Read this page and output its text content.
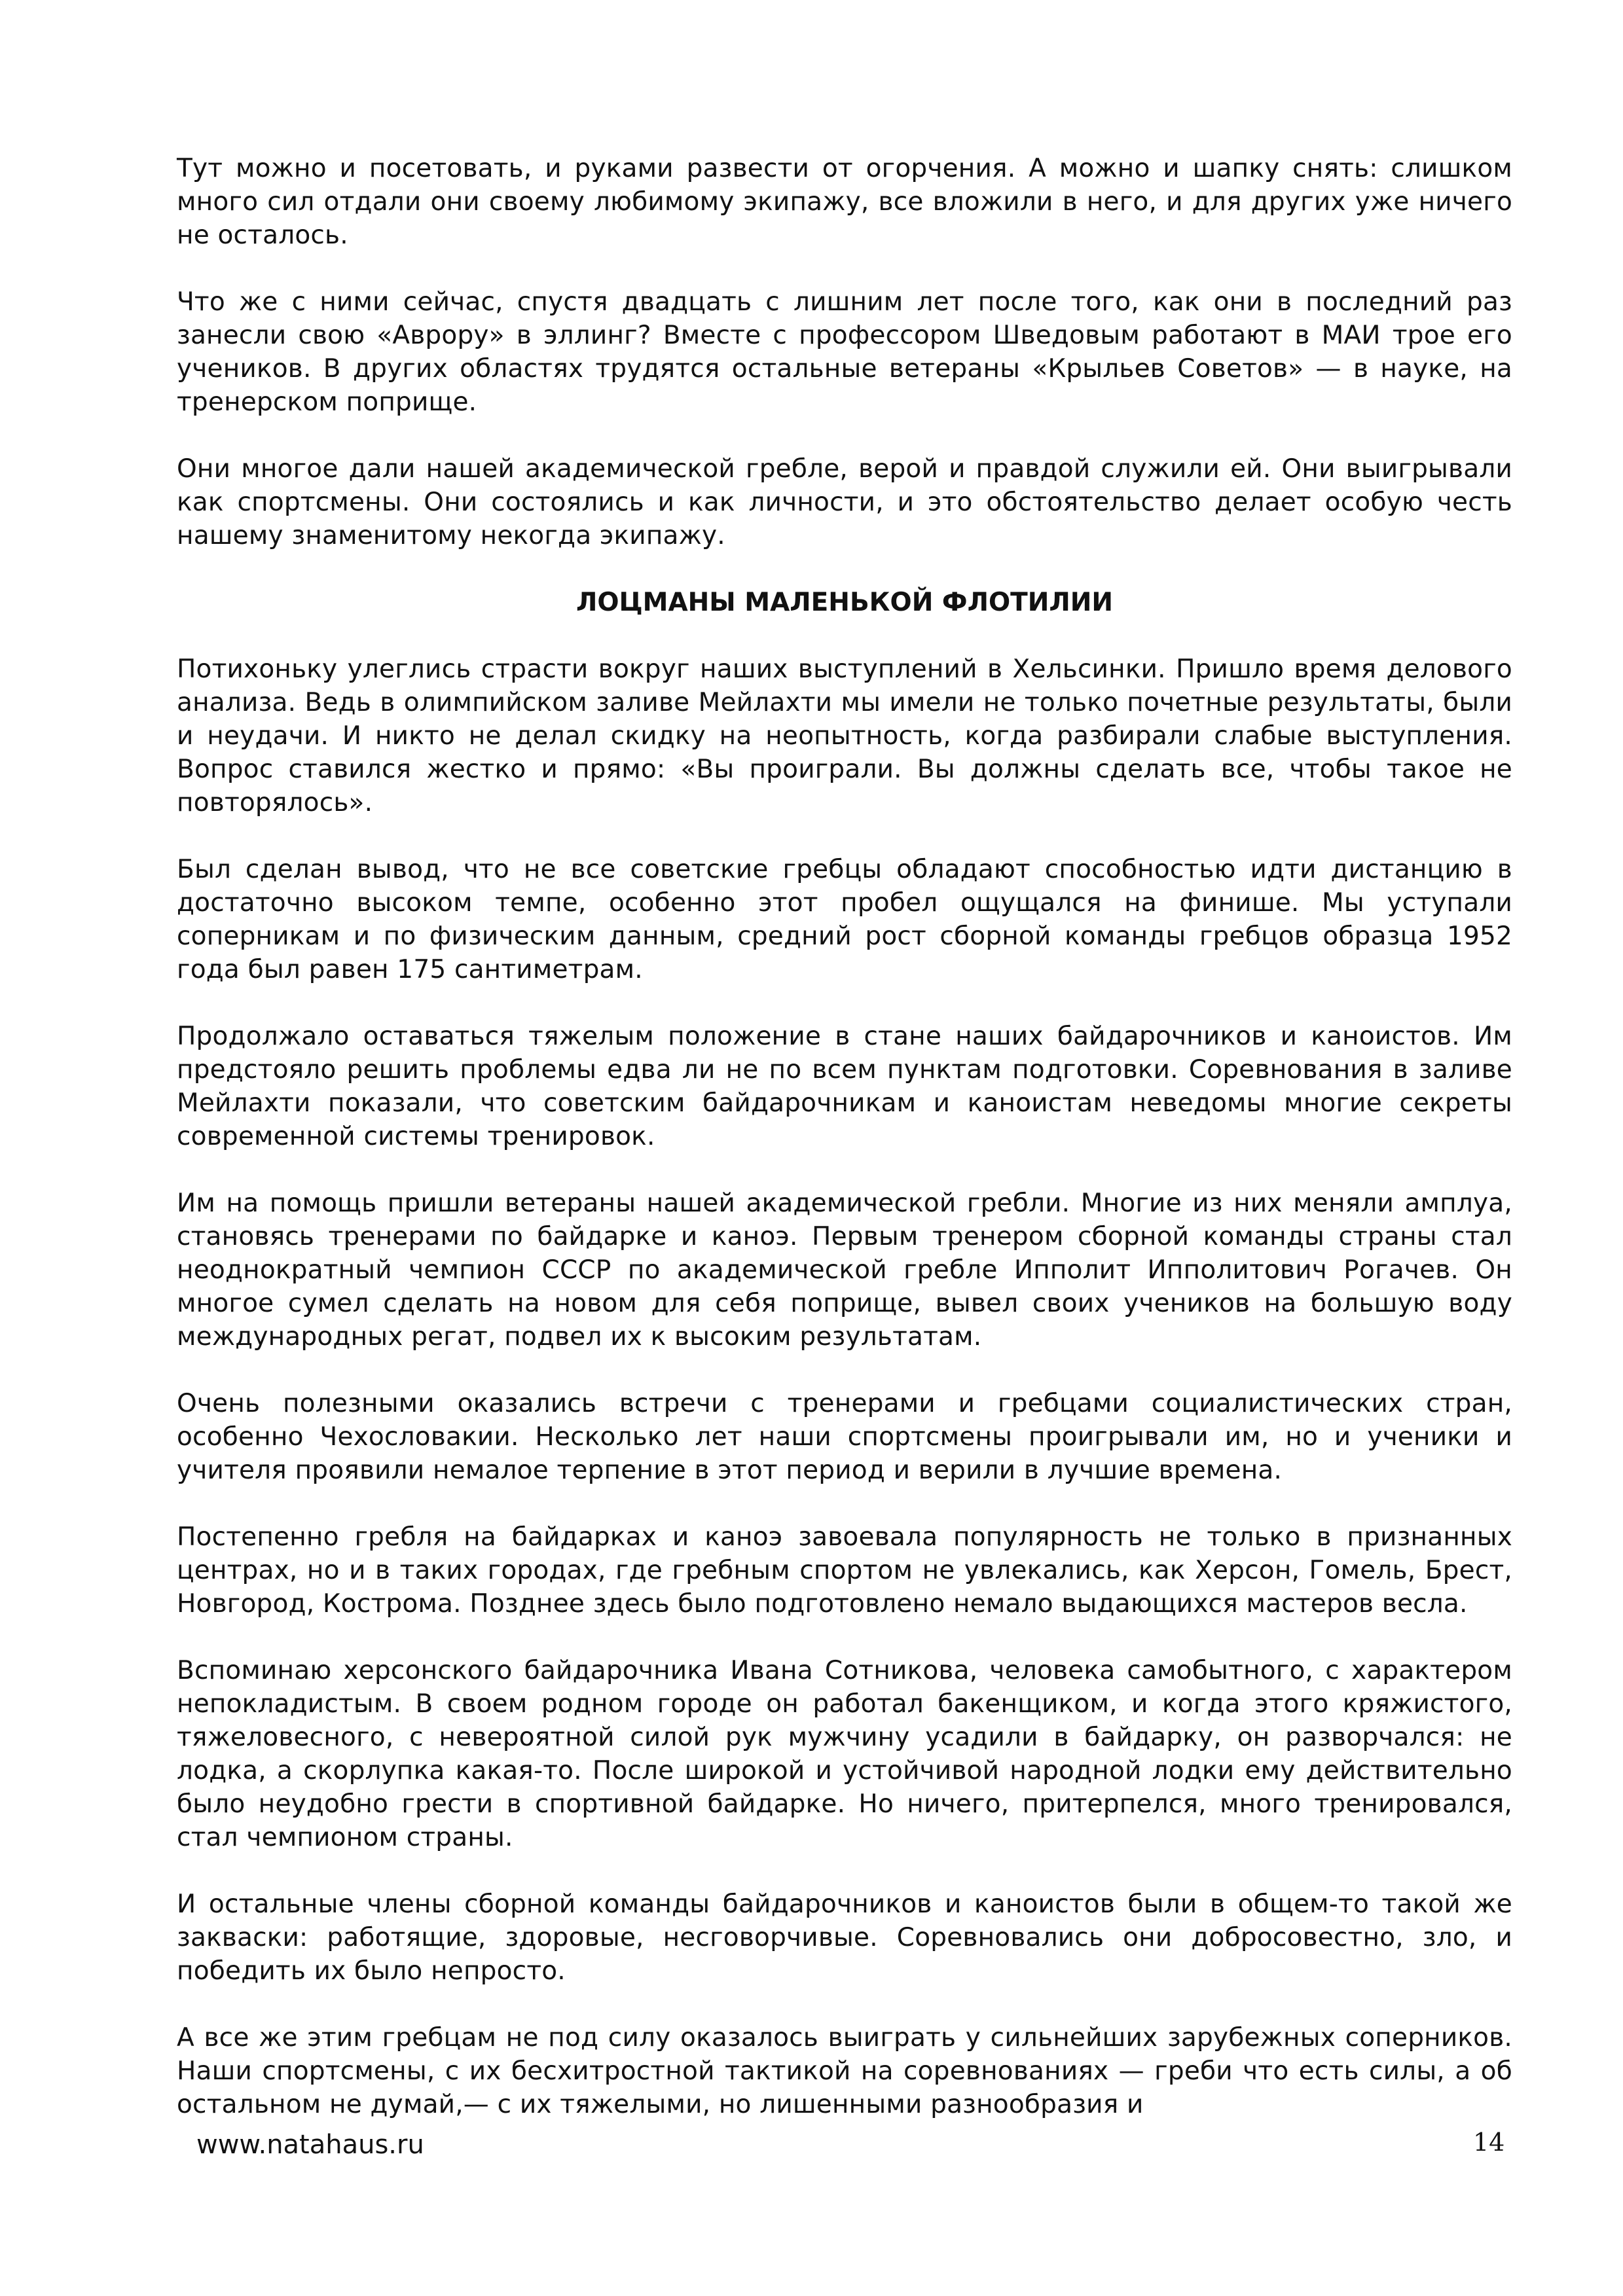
Тут можно и посетовать, и руками развести от огорчения. А можно и шапку снять: слишком много сил отдали они своему любимому экипажу, все вложили в него, и для других уже ничего не осталось.

Что же с ними сейчас, спустя двадцать с лишним лет после того, как они в последний раз занесли свою «Аврору» в эллинг? Вместе с профессором Шведовым работают в МАИ трое его учеников. В других областях трудятся остальные ветераны «Крыльев Советов» — в науке, на тренерском поприще.

Они многое дали нашей академической гребле, верой и правдой служили ей. Они выигрывали как спортсмены. Они состоялись и как личности, и это обстоятельство делает особую честь нашему знаменитому некогда экипажу.

ЛОЦМАНЫ МАЛЕНЬКОЙ ФЛОТИЛИИ

Потихоньку улеглись страсти вокруг наших выступлений в Хельсинки. Пришло время делового анализа. Ведь в олимпийском заливе Мейлахти мы имели не только почетные результаты, были и неудачи. И никто не делал скидку на неопытность, когда разбирали слабые выступления. Вопрос ставился жестко и прямо: «Вы проиграли. Вы должны сделать все, чтобы такое не повторялось».

Был сделан вывод, что не все советские гребцы обладают способностью идти дистанцию в достаточно высоком темпе, особенно этот пробел ощущался на финише. Мы уступали соперникам и по физическим данным, средний рост сборной команды гребцов образца 1952 года был равен 175 сантиметрам.

Продолжало оставаться тяжелым положение в стане наших байдарочников и каноистов. Им предстояло решить проблемы едва ли не по всем пунктам подготовки. Соревнования в заливе Мейлахти показали, что советским байдарочникам и каноистам неведомы многие секреты современной системы тренировок.

Им на помощь пришли ветераны нашей академической гребли. Многие из них меняли амплуа, становясь тренерами по байдарке и каноэ. Первым тренером сборной команды страны стал неоднократный чемпион СССР по академической гребле Ипполит Ипполитович Рогачев. Он многое сумел сделать на новом для себя поприще, вывел своих учеников на большую воду международных регат, подвел их к высоким результатам.

Очень полезными оказались встречи с тренерами и гребцами социалистических стран, особенно Чехословакии. Несколько лет наши спортсмены проигрывали им, но и ученики и учителя проявили немалое терпение в этот период и верили в лучшие времена.

Постепенно гребля на байдарках и каноэ завоевала популярность не только в признанных центрах, но и в таких городах, где гребным спортом не увлекались, как Херсон, Гомель, Брест, Новгород, Кострома. Позднее здесь было подготовлено немало выдающихся мастеров весла.

Вспоминаю херсонского байдарочника Ивана Сотникова, человека самобытного, с характером непокладистым. В своем родном городе он работал бакенщиком, и когда этого кряжистого, тяжеловесного, с невероятной силой рук мужчину усадили в байдарку, он разворчался: не лодка, а скорлупка какая-то. После широкой и устойчивой народной лодки ему действительно было неудобно грести в спортивной байдарке. Но ничего, притерпелся, много тренировался, стал чемпионом страны.

И остальные члены сборной команды байдарочников и каноистов были в общем-то такой же закваски: работящие, здоровые, несговорчивые. Соревновались они добросовестно, зло, и победить их было непросто.

А все же этим гребцам не под силу оказалось выиграть у сильнейших зарубежных соперников. Наши спортсмены, с их бесхитростной тактикой на соревнованиях — греби что есть силы, а об остальном не думай,— с их тяжелыми, но лишенными разнообразия и

www.natahaus.ru	14
